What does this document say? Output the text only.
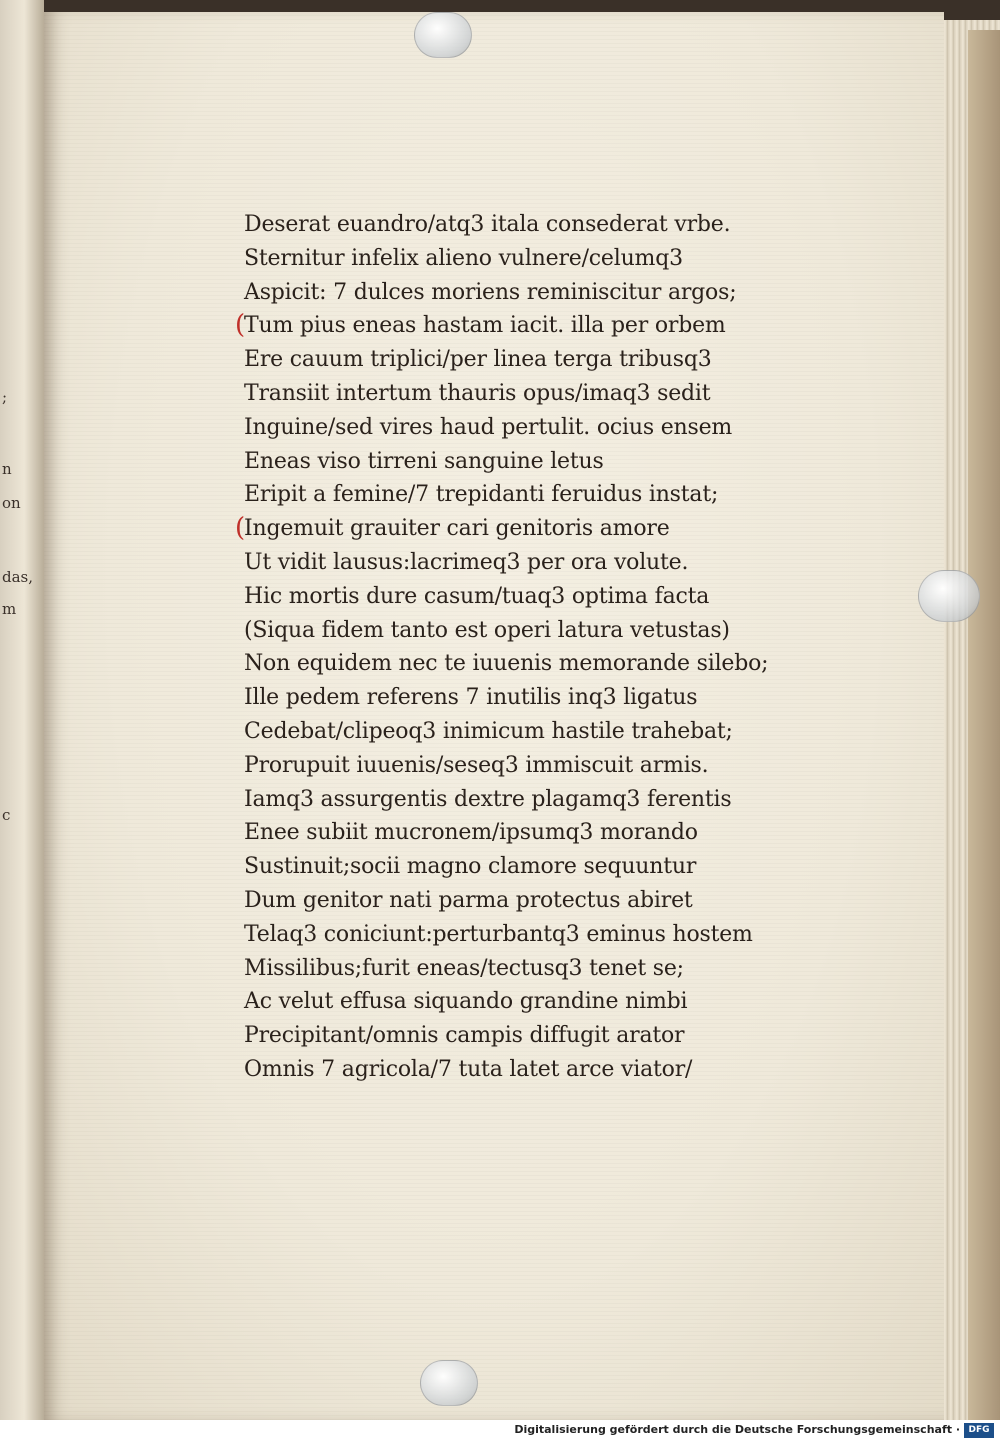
;
n
on
das,
m
c
Deserat euandro/atq3 itala consederat vrbe.
Sternitur infelix alieno vulnere/celumq3
Aspicit: 7 dulces moriens reminiscitur argos;
( Tum pius eneas hastam iacit. illa per orbem
Ere cauum triplici/per linea terga tribusq3
Transiit intertum thauris opus/imaq3 sedit
Inguine/sed vires haud pertulit. ocius ensem
Eneas viso tirreni sanguine letus
Eripit a femine/7 trepidanti feruidus instat;
( Ingemuit grauiter cari genitoris amore
Ut vidit lausus:lacrimeq3 per ora volute.
Hic mortis dure casum/tuaq3 optima facta
(Siqua fidem tanto est operi latura vetustas)
Non equidem nec te iuuenis memorande silebo;
Ille pedem referens 7 inutilis inq3 ligatus
Cedebat/clipeoq3 inimicum hastile trahebat;
Prorupuit iuuenis/seseq3 immiscuit armis.
Iamq3 assurgentis dextre plagamq3 ferentis
Enee subiit mucronem/ipsumq3 morando
Sustinuit;socii magno clamore sequuntur
Dum genitor nati parma protectus abiret
Telaq3 coniciunt:perturbantq3 eminus hostem
Missilibus;furit eneas/tectusq3 tenet se;
Ac velut effusa siquando grandine nimbi
Precipitant/omnis campis diffugit arator
Omnis 7 agricola/7 tuta latet arce viator/
Digitalisierung gefördert durch die Deutsche Forschungsgemeinschaft · DFG
